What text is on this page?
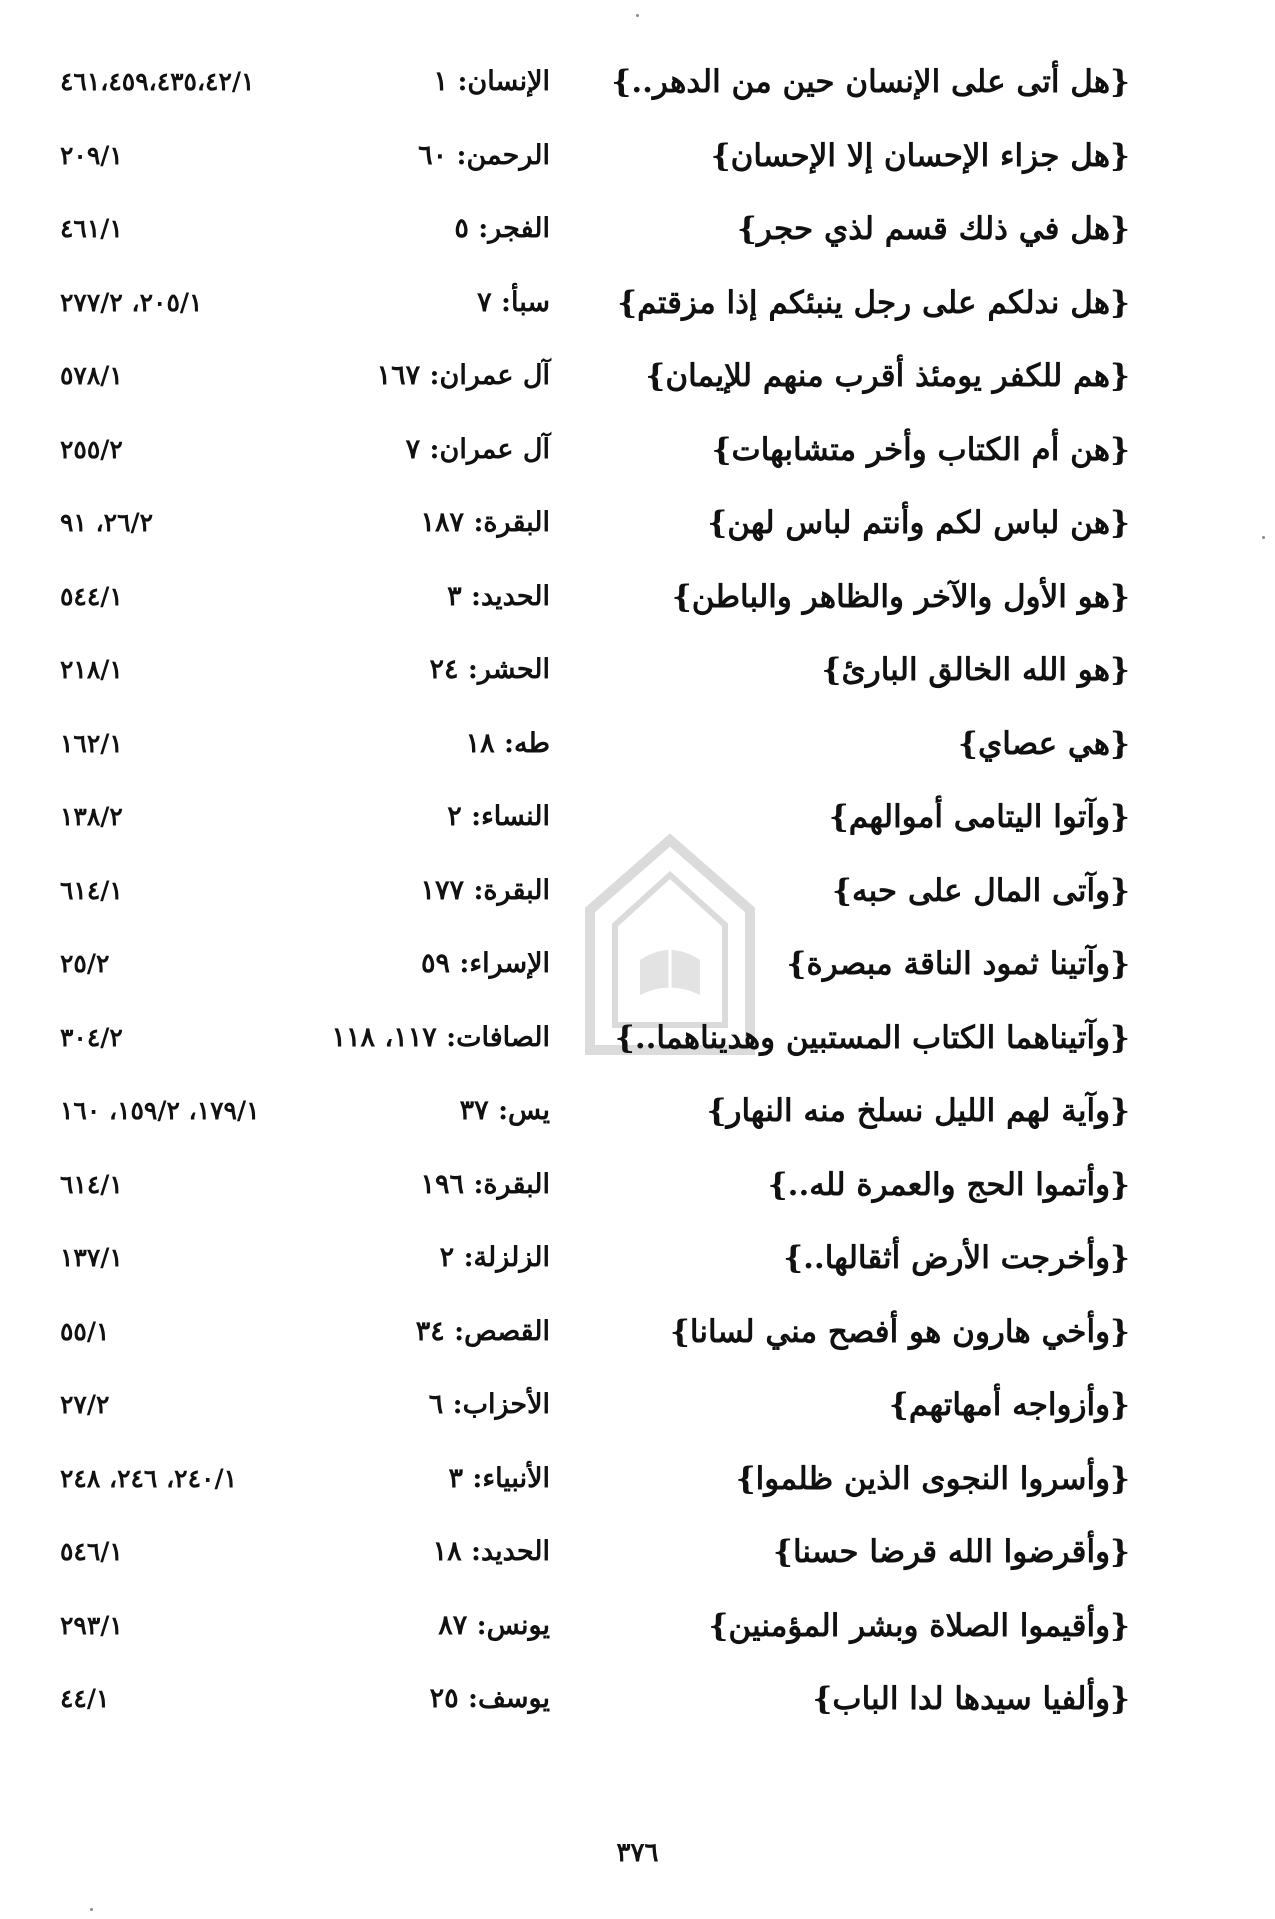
{هل أتى على الإنسان حين من الدهر..}
الإنسان: ١
٤٦١،٤٥٩،٤٣٥،٤٢/١
{هل جزاء الإحسان إلا الإحسان}
الرحمن: ٦٠
٢٠٩/١
{هل في ذلك قسم لذي حجر}
الفجر: ٥
٤٦١/١
{هل ندلكم على رجل ينبئكم إذا مزقتم}
سبأ: ٧
٢٠٥/١، ٢٧٧/٢
{هم للكفر يومئذ أقرب منهم للإيمان}
آل عمران: ١٦٧
٥٧٨/١
{هن أم الكتاب وأخر متشابهات}
آل عمران: ٧
٢٥٥/٢
{هن لباس لكم وأنتم لباس لهن}
البقرة: ١٨٧
٢٦/٢، ٩١
{هو الأول والآخر والظاهر والباطن}
الحديد: ٣
٥٤٤/١
{هو الله الخالق البارئ}
الحشر: ٢٤
٢١٨/١
{هي عصاي}
طه: ١٨
١٦٢/١
{وآتوا اليتامى أموالهم}
النساء: ٢
١٣٨/٢
{وآتى المال على حبه}
البقرة: ١٧٧
٦١٤/١
{وآتينا ثمود الناقة مبصرة}
الإسراء: ٥٩
٢٥/٢
{وآتيناهما الكتاب المستبين وهديناهما..}
الصافات: ١١٧، ١١٨
٣٠٤/٢
{وآية لهم الليل نسلخ منه النهار}
يس: ٣٧
١٧٩/١، ١٥٩/٢، ١٦٠
{وأتموا الحج والعمرة لله..}
البقرة: ١٩٦
٦١٤/١
{وأخرجت الأرض أثقالها..}
الزلزلة: ٢
١٣٧/١
{وأخي هارون هو أفصح مني لسانا}
القصص: ٣٤
٥٥/١
{وأزواجه أمهاتهم}
الأحزاب: ٦
٢٧/٢
{وأسروا النجوى الذين ظلموا}
الأنبياء: ٣
٢٤٠/١، ٢٤٦، ٢٤٨
{وأقرضوا الله قرضا حسنا}
الحديد: ١٨
٥٤٦/١
{وأقيموا الصلاة وبشر المؤمنين}
يونس: ٨٧
٢٩٣/١
{وألفيا سيدها لدا الباب}
يوسف: ٢٥
٤٤/١
٣٧٦
